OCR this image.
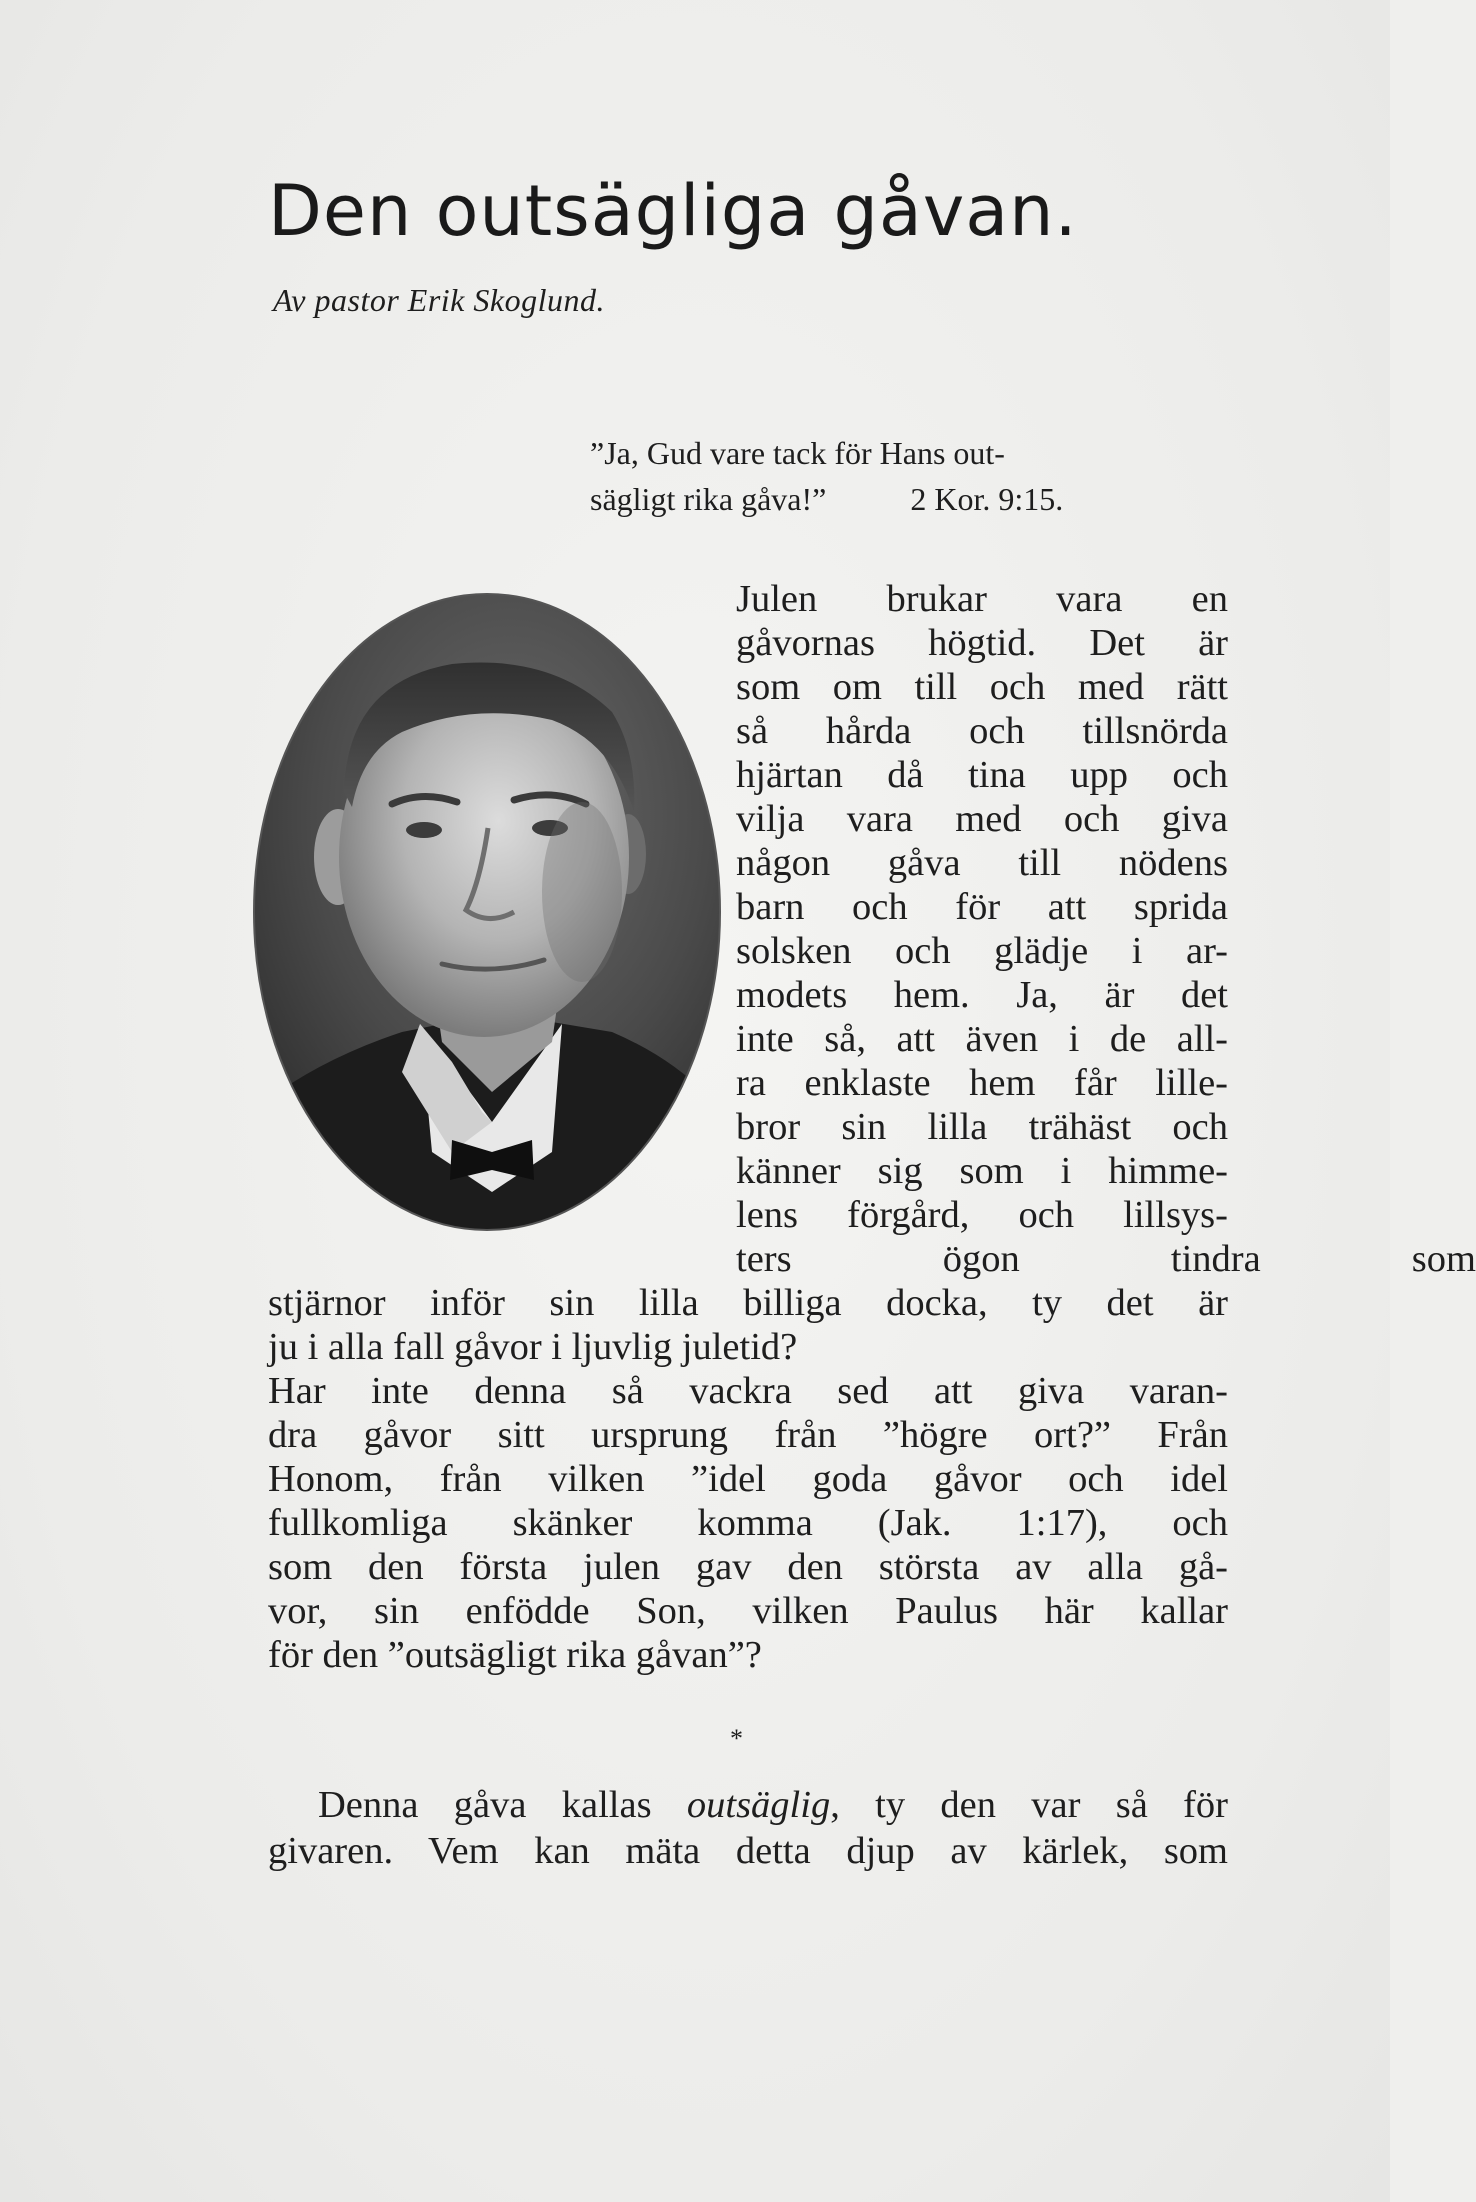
Den outsägliga gåvan.
Av pastor Erik Skoglund.
”Ja, Gud vare tack för Hans out-
sägligt rika gåva!”	2 Kor. 9:15.
Julen brukar vara en
gåvornas högtid. Det är
som om till och med rätt
så hårda och tillsnörda
hjärtan då tina upp och
vilja vara med och giva
någon gåva till nödens
barn och för att sprida
solsken och glädje i ar-
modets hem. Ja, är det
inte så, att även i de all-
ra enklaste hem får lille-
bror sin lilla trähäst och
känner sig som i himme-
lens förgård, och lillsys-
ters ögon tindra som
stjärnor inför sin lilla billiga docka, ty det är
ju i alla fall gåvor i ljuvlig juletid?
Har inte denna så vackra sed att giva varan-
dra gåvor sitt ursprung från ”högre ort?” Från
Honom, från vilken ”idel goda gåvor och idel
fullkomliga skänker komma (Jak. 1:17), och
som den första julen gav den största av alla gå-
vor, sin enfödde Son, vilken Paulus här kallar
för den ”outsägligt rika gåvan”?
*
Denna gåva kallas outsäglig, ty den var så för
givaren. Vem kan mäta detta djup av kärlek, som
